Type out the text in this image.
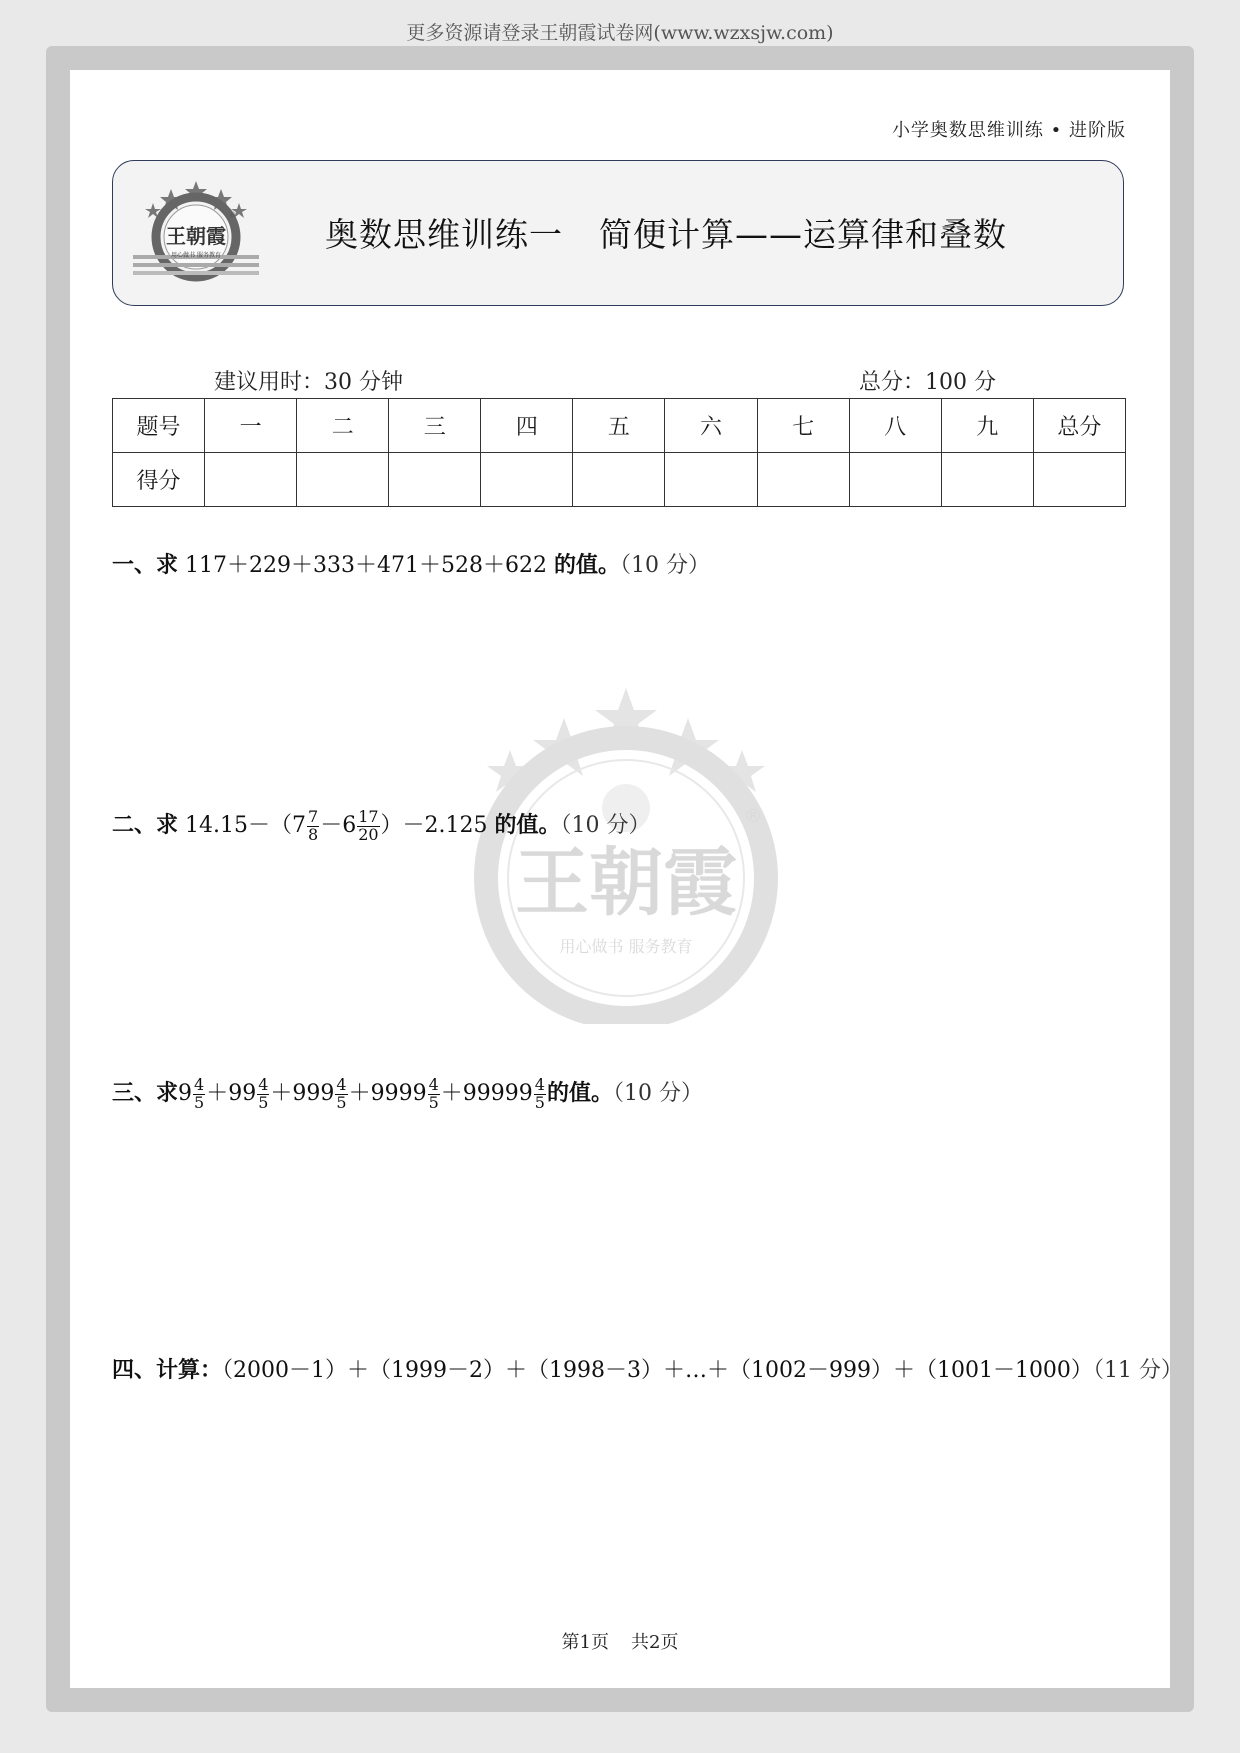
更多资源请登录王朝霞试卷网(www.wzxsjw.com)
小学奥数思维训练 • 进阶版
王朝霞
用心做书 服务教育
®	奥数思维训练一 简便计算——运算律和叠数
建议用时：30 分钟	总分：100 分
题号	一	二	三	四	五	六	七	八	九	总分
得分										
一、求 117＋229＋333＋471＋528＋622 的值。（10 分）
王朝霞
用心做书 服务教育
®
二、求 $14.15-(7 \frac{7}{8} -6 \frac{17}{20} )-2.125$ 的值。（10 分）
三、求$9 \frac{4}{5} +99 \frac{4}{5} +999 \frac{4}{5} +9999 \frac{4}{5} +99999 \frac{4}{5}$ 的值。（10 分）
四、计算：（2000－1）＋（1999－2）＋（1998－3）＋…＋（1002－999）＋（1001－1000）（11 分）
第1页 共2页
